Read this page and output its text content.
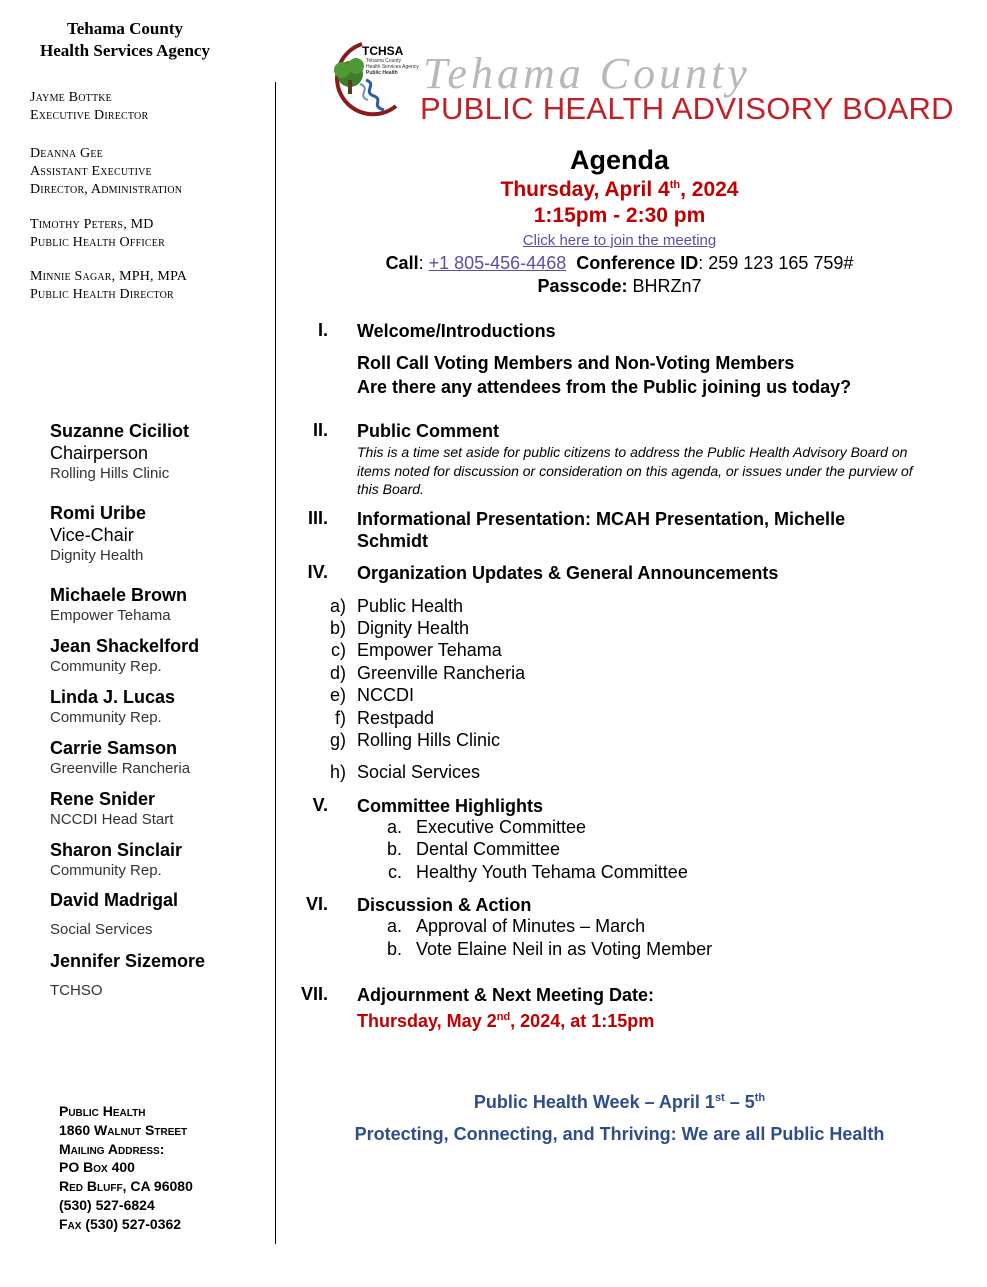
Tehama County
Health Services Agency
Jayme Bottke
Executive Director
Deanna Gee
Assistant Executive
Director, Administration
Timothy Peters, MD
Public Health Officer
Minnie Sagar, MPH, MPA
Public Health Director
Suzanne Ciciliot
Chairperson
Rolling Hills Clinic
Romi Uribe
Vice-Chair
Dignity Health
Michaele Brown
Empower Tehama
Jean Shackelford
Community Rep.
Linda J. Lucas
Community Rep.
Carrie Samson
Greenville Rancheria
Rene Snider
NCCDI Head Start
Sharon Sinclair
Community Rep.
David Madrigal
Social Services
Jennifer Sizemore
TCHSO
Public Health
1860 Walnut Street
Mailing Address:
PO Box 400
Red Bluff, CA 96080
(530) 527-6824
Fax (530) 527-0362
TCHSA
Tehama County
Health Services Agency
Public Health Tehama County
PUBLIC HEALTH ADVISORY BOARD
Agenda
Thursday, April 4th, 2024
1:15pm - 2:30 pm
Click here to join the meeting
Call: +1 805-456-4468 Conference ID: 259 123 165 759#
Passcode: BHRZn7
I. Welcome/Introductions
Roll Call Voting Members and Non-Voting Members
Are there any attendees from the Public joining us today?
II. Public Comment
This is a time set aside for public citizens to address the Public Health Advisory Board on items noted for discussion or consideration on this agenda, or issues under the purview of this Board.
III. Informational Presentation: MCAH Presentation, Michelle Schmidt
IV. Organization Updates & General Announcements
a) Public Health
b) Dignity Health
c) Empower Tehama
d) Greenville Rancheria
e) NCCDI
f) Restpadd
g) Rolling Hills Clinic
h) Social Services
V. Committee Highlights
a. Executive Committee
b. Dental Committee
c. Healthy Youth Tehama Committee
VI. Discussion & Action
a. Approval of Minutes – March
b. Vote Elaine Neil in as Voting Member
VII. Adjournment & Next Meeting Date:
Thursday, May 2nd, 2024, at 1:15pm
Public Health Week – April 1st – 5th
Protecting, Connecting, and Thriving: We are all Public Health
